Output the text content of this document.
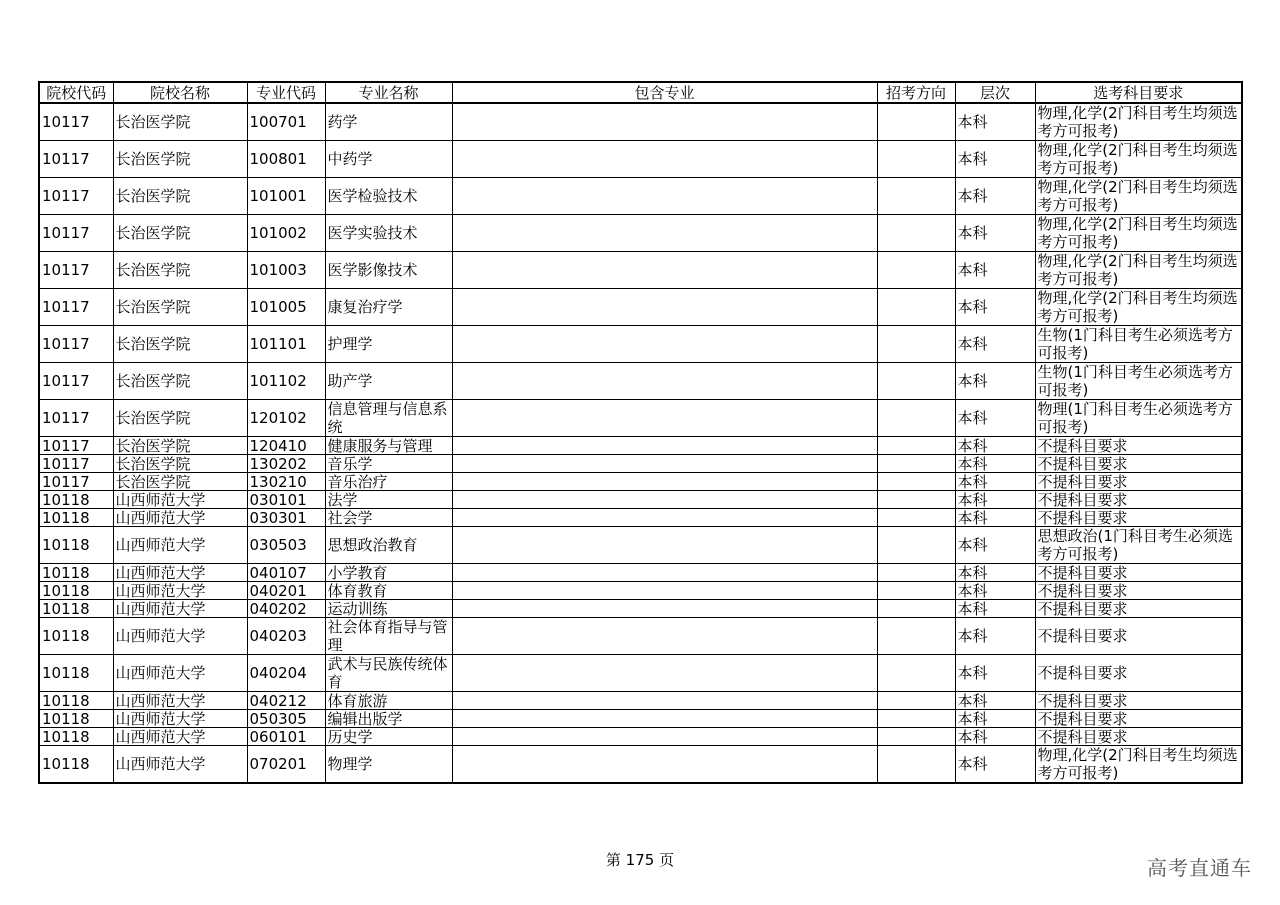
院校代码	院校名称	专业代码	专业名称	包含专业	招考方向	层次	选考科目要求
10117	长治医学院	100701	药学			本科	物理,化学(2门科目考生均须选考方可报考)
10117	长治医学院	100801	中药学			本科	物理,化学(2门科目考生均须选考方可报考)
10117	长治医学院	101001	医学检验技术			本科	物理,化学(2门科目考生均须选考方可报考)
10117	长治医学院	101002	医学实验技术			本科	物理,化学(2门科目考生均须选考方可报考)
10117	长治医学院	101003	医学影像技术			本科	物理,化学(2门科目考生均须选考方可报考)
10117	长治医学院	101005	康复治疗学			本科	物理,化学(2门科目考生均须选考方可报考)
10117	长治医学院	101101	护理学			本科	生物(1门科目考生必须选考方可报考)
10117	长治医学院	101102	助产学			本科	生物(1门科目考生必须选考方可报考)
10117	长治医学院	120102	信息管理与信息系统			本科	物理(1门科目考生必须选考方可报考)
10117	长治医学院	120410	健康服务与管理			本科	不提科目要求
10117	长治医学院	130202	音乐学			本科	不提科目要求
10117	长治医学院	130210	音乐治疗			本科	不提科目要求
10118	山西师范大学	030101	法学			本科	不提科目要求
10118	山西师范大学	030301	社会学			本科	不提科目要求
10118	山西师范大学	030503	思想政治教育			本科	思想政治(1门科目考生必须选考方可报考)
10118	山西师范大学	040107	小学教育			本科	不提科目要求
10118	山西师范大学	040201	体育教育			本科	不提科目要求
10118	山西师范大学	040202	运动训练			本科	不提科目要求
10118	山西师范大学	040203	社会体育指导与管理			本科	不提科目要求
10118	山西师范大学	040204	武术与民族传统体育			本科	不提科目要求
10118	山西师范大学	040212	体育旅游			本科	不提科目要求
10118	山西师范大学	050305	编辑出版学			本科	不提科目要求
10118	山西师范大学	060101	历史学			本科	不提科目要求
10118	山西师范大学	070201	物理学			本科	物理,化学(2门科目考生均须选考方可报考)
第 175 页	高考直通车
